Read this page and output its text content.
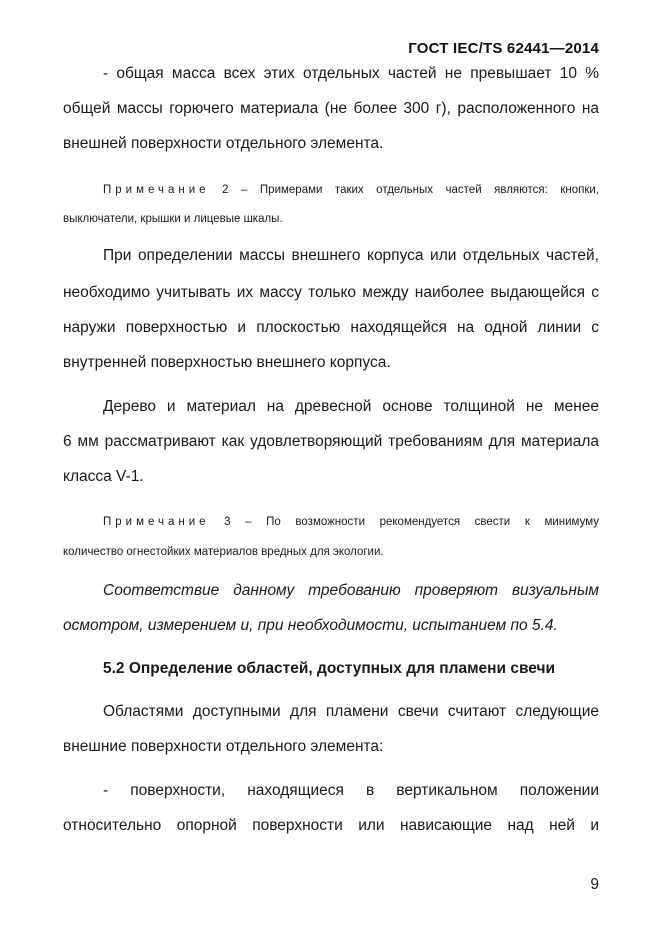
ГОСТ IEC/TS 62441—2014
- общая масса всех этих отдельных частей не превышает 10 %
общей массы горючего материала (не более 300 г), расположенного на
внешней поверхности отдельного элемента.
Примечание 2 – Примерами таких отдельных частей являются: кнопки,
выключатели, крышки и лицевые шкалы.
При определении массы внешнего корпуса или отдельных частей,
необходимо учитывать их массу только между наиболее выдающейся с
наружи поверхностью и плоскостью находящейся на одной линии с
внутренней поверхностью внешнего корпуса.
Дерево и материал на древесной основе толщиной не менее
6 мм рассматривают как удовлетворяющий требованиям для материала
класса V-1.
Примечание 3 – По возможности рекомендуется свести к минимуму
количество огнестойких материалов вредных для экологии.
Соответствие данному требованию проверяют визуальным
осмотром, измерением и, при необходимости, испытанием по 5.4.
5.2 Определение областей, доступных для пламени свечи
Областями доступными для пламени свечи считают следующие
внешние поверхности отдельного элемента:
- поверхности, находящиеся в вертикальном положении
относительно опорной поверхности или нависающие над ней и
9
